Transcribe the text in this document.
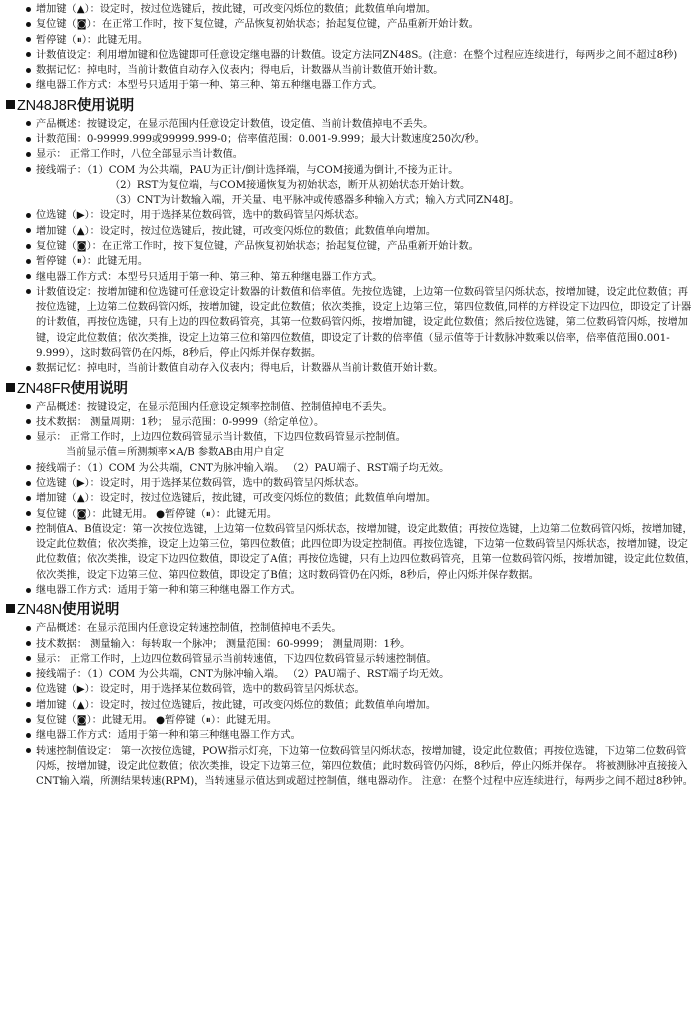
增加键（▲）：设定时，按过位选键后，按此键，可改变闪烁位的数值；此数值单向增加。

复位键（◙）：在正常工作时，按下复位键，产品恢复初始状态；抬起复位键，产品重新开始计数。

暂停键（⏸）：此键无用。

计数值设定：利用增加键和位选键即可任意设定继电器的计数值。设定方法同ZN48S。(注意：在整个过程应连续进行，每两步之间不超过8秒)

数据记忆：掉电时，当前计数值自动存入仪表内；得电后，计数器从当前计数值开始计数。

继电器工作方式：本型号只适用于第一种、第三种、第五种继电器工作方式。

ZN48J8R使用说明

产品概述：按键设定，在显示范围内任意设定计数值，设定值、当前计数值掉电不丢失。

计数范围：0-99999.999或99999.999-0；倍率值范围：0.001-9.999；最大计数速度250次/秒。

显示： 正常工作时，八位全部显示当计数值。

接线端子：（1）COM 为公共端，PAU为正计/倒计选择端，与COM接通为倒计,不接为正计。

（2）RST为复位端，与COM接通恢复为初始状态，断开从初始状态开始计数。

（3）CNT为计数输入端，开关量、电平脉冲或传感器多种输入方式；输入方式同ZN48J。

位选键（▶）：设定时，用于选择某位数码管，选中的数码管呈闪烁状态。

增加键（▲）：设定时，按过位选键后，按此键，可改变闪烁位的数值；此数值单向增加。

复位键（◙）：在正常工作时，按下复位键，产品恢复初始状态；抬起复位键，产品重新开始计数。

暂停键（⏸）：此键无用。

继电器工作方式：本型号只适用于第一种、第三种、第五种继电器工作方式。

计数值设定：按增加键和位选键可任意设定计数器的计数值和倍率值。先按位选键，上边第一位数码管呈闪烁状态，按增加键，设定此位数值；再按位选键，上边第二位数码管闪烁，按增加键，设定此位数值；依次类推，设定上边第三位，第四位数值,同样的方样设定下边四位，即设定了计器的计数值，再按位选键，只有上边的四位数码管亮，其第一位数码管闪烁，按增加键，设定此位数值；然后按位选键，第二位数码管闪烁，按增加键，设定此位数值；依次类推，设定上边第三位和第四位数值，即设定了计数的倍率值（显示值等于计数脉冲数乘以倍率，倍率值范围0.001-9.999），这时数码管仍在闪烁，8秒后，停止闪烁并保存数据。

数据记忆：掉电时，当前计数值自动存入仪表内；得电后，计数器从当前计数值开始计数。

ZN48FR使用说明

产品概述：按键设定，在显示范围内任意设定频率控制值、控制值掉电不丢失。

技术数据： 测量周期：1秒； 显示范围：0-9999（给定单位）。

显示： 正常工作时，上边四位数码管显示当计数值，下边四位数码管显示控制值。

当前显示值＝所测频率×A/B 参数AB由用户自定

接线端子：（1）COM 为公共端，CNT为脉冲输入端。 （2）PAU端子、RST端子均无效。

位选键（▶）：设定时，用于选择某位数码管，选中的数码管呈闪烁状态。

增加键（▲）：设定时，按过位选键后，按此键，可改变闪烁位的数值；此数值单向增加。

复位键（◙）：此键无用。 ●暂停键（⏸）：此键无用。

控制值A、B值设定：第一次按位选键，上边第一位数码管呈闪烁状态，按增加键，设定此数值；再按位选键，上边第二位数码管闪烁，按增加键，设定此位数值；依次类推，设定上边第三位，第四位数值；此四位即为设定控制值。再按位选键，下边第一位数码管呈闪烁状态，按增加键，设定此位数值；依次类推，设定下边四位数值，即设定了A值；再按位选键，只有上边四位数码管亮，且第一位数码管闪烁，按增加键，设定此位数值，依次类推，设定下边第三位、第四位数值，即设定了B值；这时数码管仍在闪烁，8秒后，停止闪烁并保存数据。

继电器工作方式：适用于第一种和第三种继电器工作方式。

ZN48N使用说明

产品概述：在显示范围内任意设定转速控制值，控制值掉电不丢失。

技术数据： 测量输入：每转取一个脉冲； 测量范围：60-9999； 测量周期：1秒。

显示： 正常工作时，上边四位数码管显示当前转速值，下边四位数码管显示转速控制值。

接线端子：（1）COM 为公共端，CNT为脉冲输入端。 （2）PAU端子、RST端子均无效。

位选键（▶）：设定时，用于选择某位数码管，选中的数码管呈闪烁状态。

增加键（▲）：设定时，按过位选键后，按此键，可改变闪烁位的数值；此数值单向增加。

复位键（◙）：此键无用。 ●暂停键（⏸）：此键无用。

继电器工作方式：适用于第一种和第三种继电器工作方式。

转速控制值设定： 第一次按位选键，POW指示灯亮，下边第一位数码管呈闪烁状态，按增加键，设定此位数值；再按位选键，下边第二位数码管闪烁，按增加键，设定此位数值；依次类推，设定下边第三位，第四位数值；此时数码管仍闪烁，8秒后，停止闪烁并保存。 将被测脉冲直接接入CNT输入端，所测结果转速(RPM)，当转速显示值达到或超过控制值，继电器动作。 注意：在整个过程中应连续进行，每两步之间不超过8秒钟。
